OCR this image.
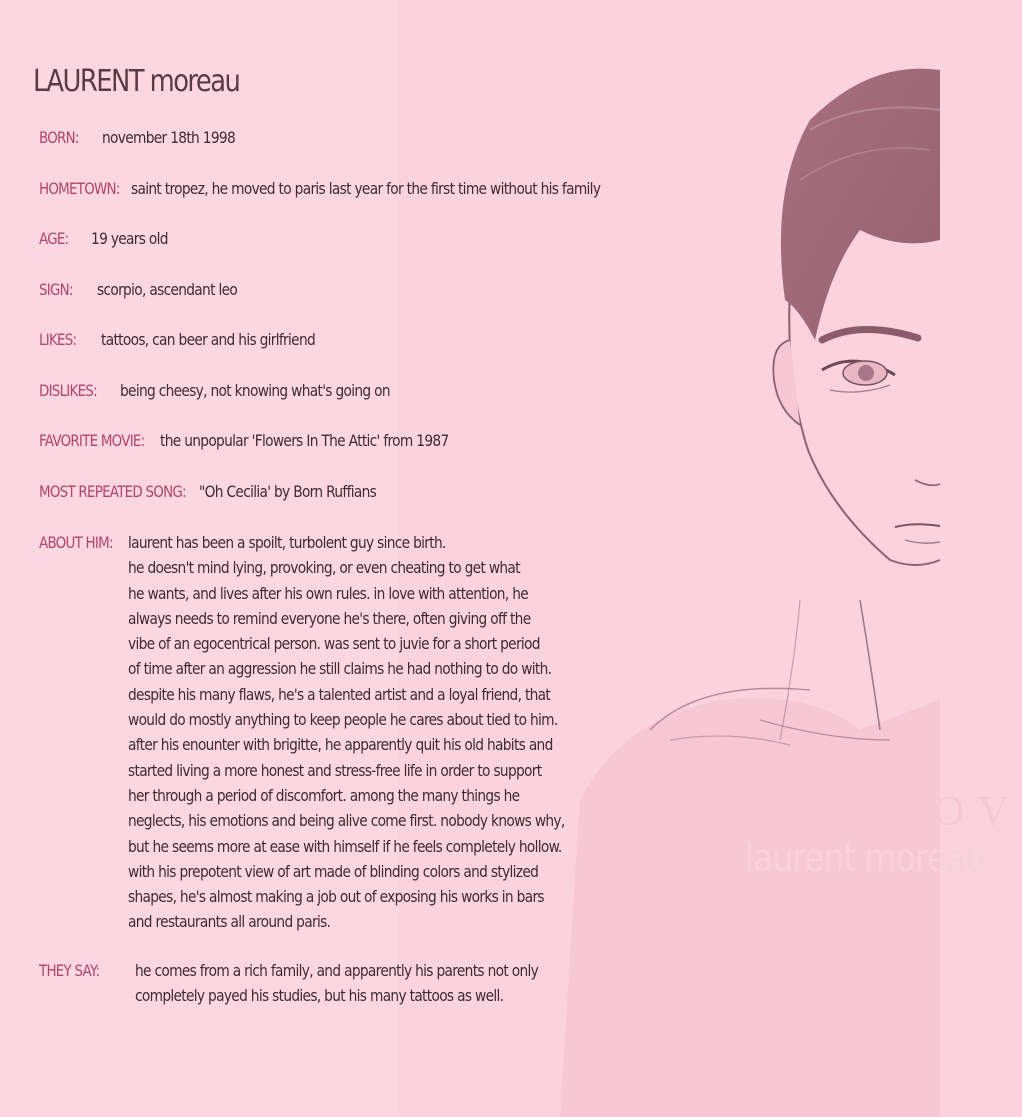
THE LOV
laurent moreau
LAURENT moreau
BORN: november 18th 1998
HOMETOWN: saint tropez, he moved to paris last year for the first time without his family
AGE: 19 years old
SIGN: scorpio, ascendant leo
LIKES: tattoos, can beer and his girlfriend
DISLIKES: being cheesy, not knowing what's going on
FAVORITE MOVIE: the unpopular 'Flowers In The Attic' from 1987
MOST REPEATED SONG: "Oh Cecilia' by Born Ruffians
ABOUT HIM: laurent has been a spoilt, turbolent guy since birth.
he doesn't mind lying, provoking, or even cheating to get what
he wants, and lives after his own rules. in love with attention, he
always needs to remind everyone he's there, often giving off the
vibe of an egocentrical person. was sent to juvie for a short period
of time after an aggression he still claims he had nothing to do with.
despite his many flaws, he's a talented artist and a loyal friend, that
would do mostly anything to keep people he cares about tied to him.
after his enounter with brigitte, he apparently quit his old habits and
started living a more honest and stress-free life in order to support
her through a period of discomfort. among the many things he
neglects, his emotions and being alive come first. nobody knows why,
but he seems more at ease with himself if he feels completely hollow.
with his prepotent view of art made of blinding colors and stylized
shapes, he's almost making a job out of exposing his works in bars
and restaurants all around paris.

THEY SAY:	he comes from a rich family, and apparently his parents not only
completely payed his studies, but his many tattoos as well.
